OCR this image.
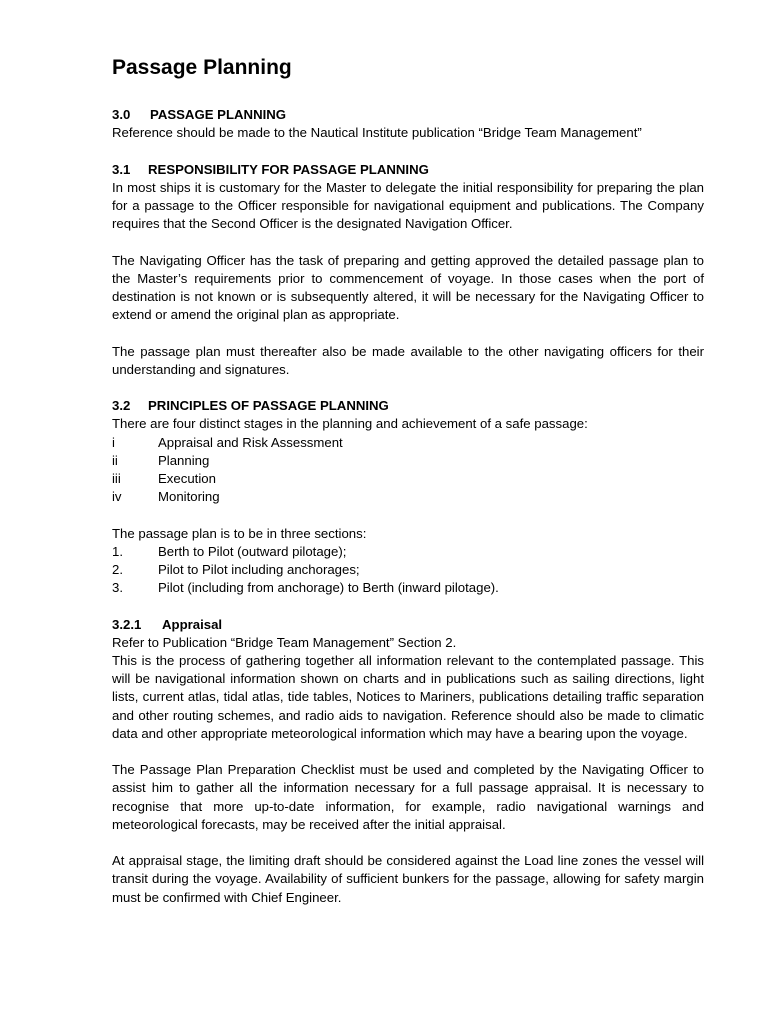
Passage Planning
3.0 PASSAGE PLANNING

Reference should be made to the Nautical Institute publication “Bridge Team Management”

3.1 RESPONSIBILITY FOR PASSAGE PLANNING

In most ships it is customary for the Master to delegate the initial responsibility for preparing the plan for a passage to the Officer responsible for navigational equipment and publications. The Company requires that the Second Officer is the designated Navigation Officer.

The Navigating Officer has the task of preparing and getting approved the detailed passage plan to the Master’s requirements prior to commencement of voyage. In those cases when the port of destination is not known or is subsequently altered, it will be necessary for the Navigating Officer to extend or amend the original plan as appropriate.

The passage plan must thereafter also be made available to the other navigating officers for their understanding and signatures.

3.2 PRINCIPLES OF PASSAGE PLANNING

There are four distinct stages in the planning and achievement of a safe passage:

i	Appraisal and Risk Assessment
ii	Planning
iii	Execution
iv	Monitoring

The passage plan is to be in three sections:

1.	Berth to Pilot (outward pilotage);
2.	Pilot to Pilot including anchorages;
3.	Pilot (including from anchorage) to Berth (inward pilotage).
3.2.1 Appraisal

Refer to Publication “Bridge Team Management” Section 2.

This is the process of gathering together all information relevant to the contemplated passage. This will be navigational information shown on charts and in publications such as sailing directions, light lists, current atlas, tidal atlas, tide tables, Notices to Mariners, publications detailing traffic separation and other routing schemes, and radio aids to navigation. Reference should also be made to climatic data and other appropriate meteorological information which may have a bearing upon the voyage.

The Passage Plan Preparation Checklist must be used and completed by the Navigating Officer to assist him to gather all the information necessary for a full passage appraisal. It is necessary to recognise that more up-to-date information, for example, radio navigational warnings and meteorological forecasts, may be received after the initial appraisal.

At appraisal stage, the limiting draft should be considered against the Load line zones the vessel will transit during the voyage. Availability of sufficient bunkers for the passage, allowing for safety margin must be confirmed with Chief Engineer.
